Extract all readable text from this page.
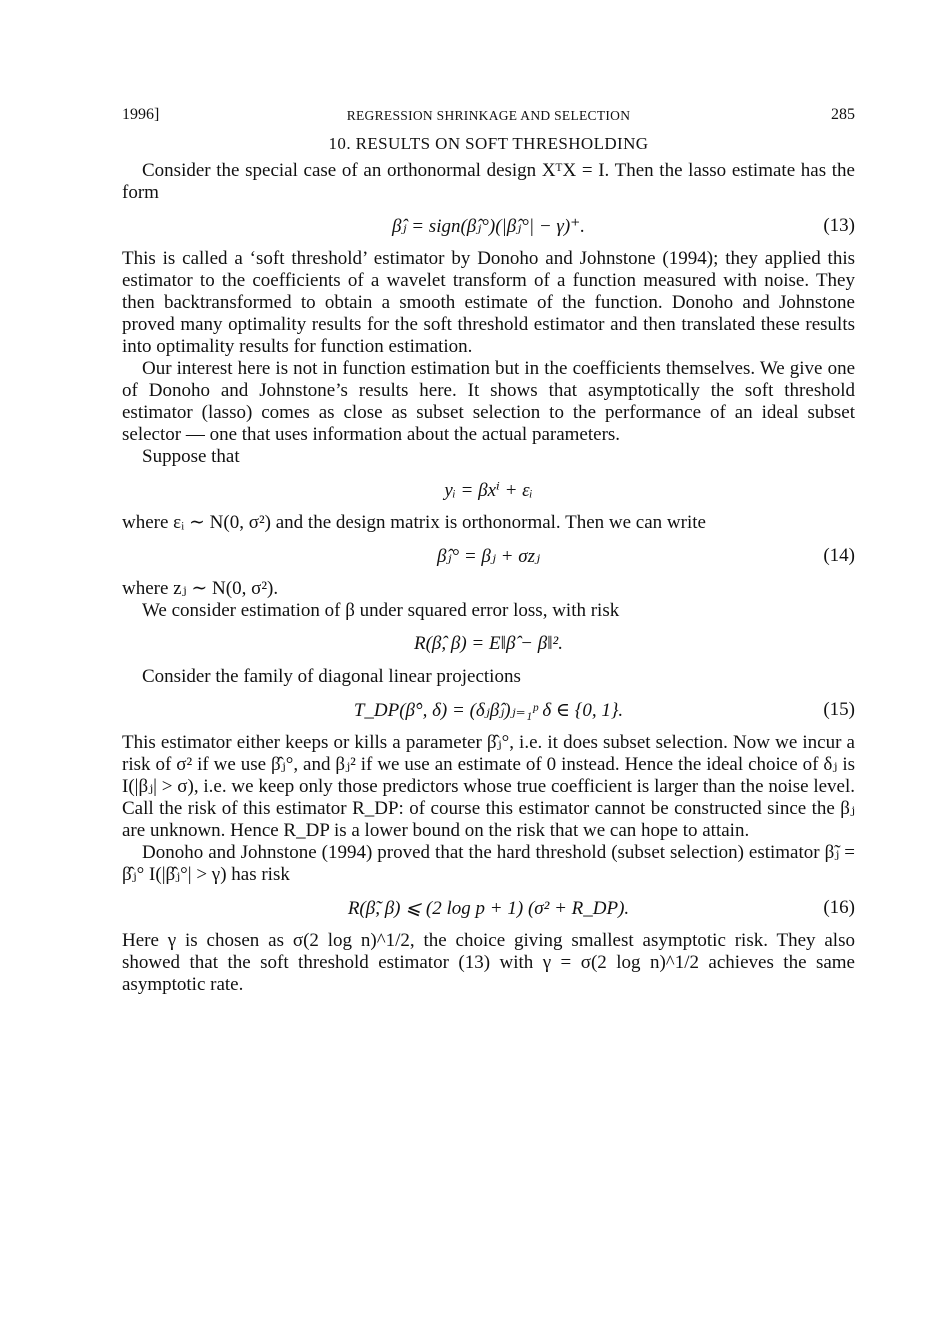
1996]	REGRESSION SHRINKAGE AND SELECTION	285
10. RESULTS ON SOFT THRESHOLDING

Consider the special case of an orthonormal design XᵀX = I. Then the lasso estimate has the form

β̂ⱼ = sign(β̂ⱼ°)(|β̂ⱼ°| − γ)⁺.	(13)

This is called a ‘soft threshold’ estimator by Donoho and Johnstone (1994); they applied this estimator to the coefficients of a wavelet transform of a function measured with noise. They then backtransformed to obtain a smooth estimate of the function. Donoho and Johnstone proved many optimality results for the soft threshold estimator and then translated these results into optimality results for function estimation.

Our interest here is not in function estimation but in the coefficients themselves. We give one of Donoho and Johnstone’s results here. It shows that asymptotically the soft threshold estimator (lasso) comes as close as subset selection to the performance of an ideal subset selector — one that uses information about the actual parameters.

Suppose that

yᵢ = βxⁱ + εᵢ

where εᵢ ∼ N(0, σ²) and the design matrix is orthonormal. Then we can write

β̂ⱼ° = βⱼ + σzⱼ	(14)

where zⱼ ∼ N(0, σ²).

We consider estimation of β under squared error loss, with risk

R(β̂, β) = E‖β̂ − β‖².

Consider the family of diagonal linear projections

T_DP(β̂°, δ) = (δⱼβ̂ⱼ)ⱼ₌₁ᵖ δ ∈ {0, 1}.	(15)

This estimator either keeps or kills a parameter β̂ⱼ°, i.e. it does subset selection. Now we incur a risk of σ² if we use β̂ⱼ°, and βⱼ² if we use an estimate of 0 instead. Hence the ideal choice of δⱼ is I(|βⱼ| > σ), i.e. we keep only those predictors whose true coefficient is larger than the noise level. Call the risk of this estimator R_DP: of course this estimator cannot be constructed since the βⱼ are unknown. Hence R_DP is a lower bound on the risk that we can hope to attain.

Donoho and Johnstone (1994) proved that the hard threshold (subset selection) estimator β̃ⱼ = β̂ⱼ° I(|β̂ⱼ°| > γ) has risk

R(β̃, β) ⩽ (2 log p + 1) (σ² + R_DP).	(16)

Here γ is chosen as σ(2 log n)^1/2, the choice giving smallest asymptotic risk. They also showed that the soft threshold estimator (13) with γ = σ(2 log n)^1/2 achieves the same asymptotic rate.
